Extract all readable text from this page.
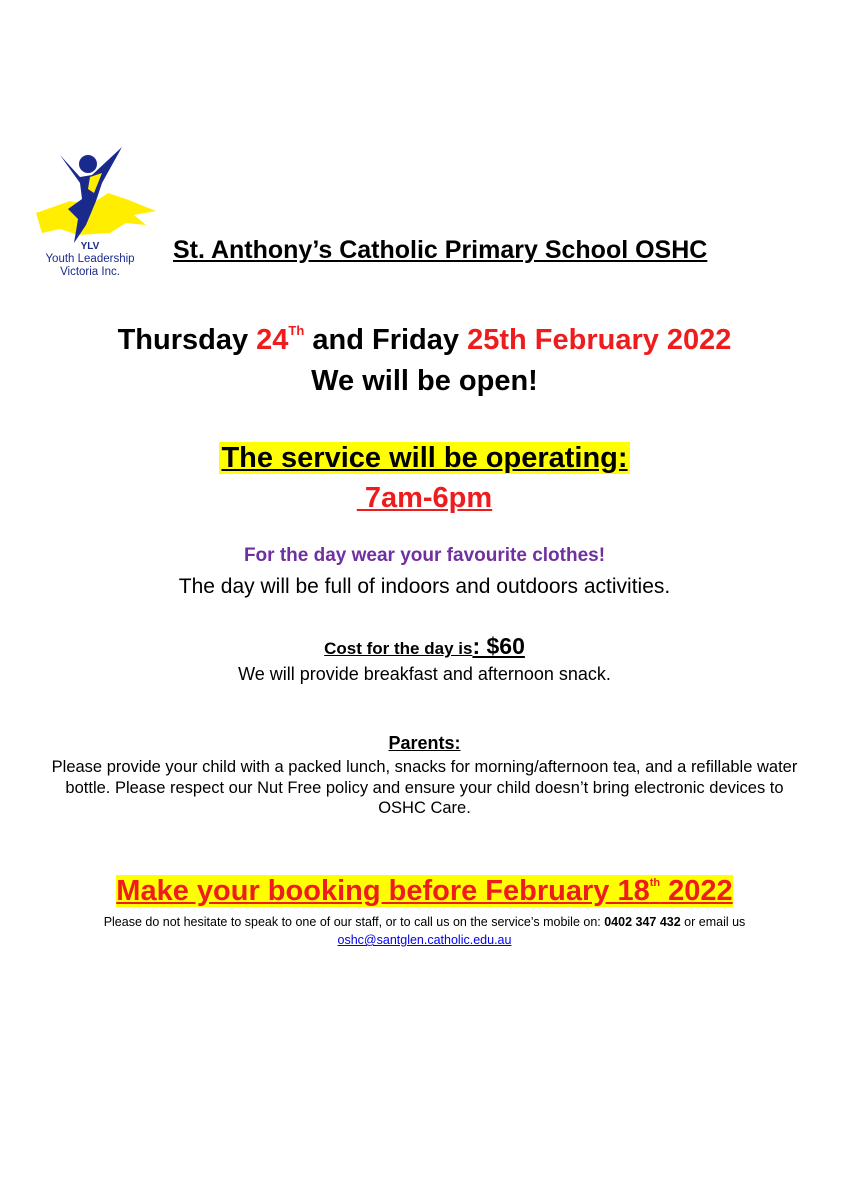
YLV
Youth Leadership
Victoria Inc.
St. Anthony’s Catholic Primary School OSHC
Thursday 24Th and Friday 25th February 2022
We will be open!
The service will be operating:
7am-6pm
For the day wear your favourite clothes!
The day will be full of indoors and outdoors activities.
Cost for the day is: $60
We will provide breakfast and afternoon snack.
Parents:
Please provide your child with a packed lunch, snacks for morning/afternoon tea, and a refillable water bottle. Please respect our Nut Free policy and ensure your child doesn’t bring electronic devices to OSHC Care.
Make your booking before February 18th 2022
Please do not hesitate to speak to one of our staff, or to call us on the service’s mobile on: 0402 347 432 or email us
oshc@santglen.catholic.edu.au
